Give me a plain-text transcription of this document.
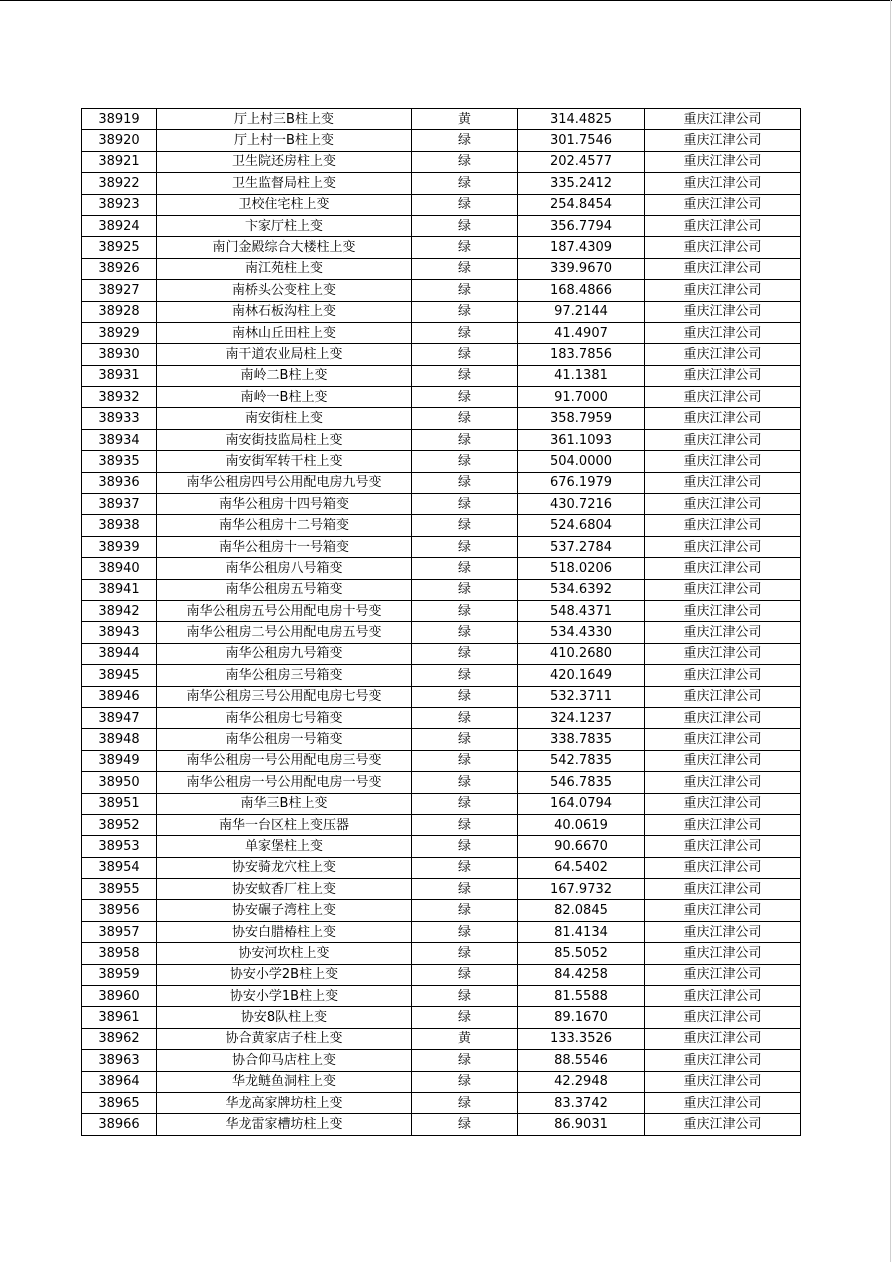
38919	厅上村三B柱上变	黄	314.4825	重庆江津公司
38920	厅上村一B柱上变	绿	301.7546	重庆江津公司
38921	卫生院还房柱上变	绿	202.4577	重庆江津公司
38922	卫生监督局柱上变	绿	335.2412	重庆江津公司
38923	卫校住宅柱上变	绿	254.8454	重庆江津公司
38924	卞家厅柱上变	绿	356.7794	重庆江津公司
38925	南门金殿综合大楼柱上变	绿	187.4309	重庆江津公司
38926	南江苑柱上变	绿	339.9670	重庆江津公司
38927	南桥头公变柱上变	绿	168.4866	重庆江津公司
38928	南林石板沟柱上变	绿	97.2144	重庆江津公司
38929	南林山丘田柱上变	绿	41.4907	重庆江津公司
38930	南干道农业局柱上变	绿	183.7856	重庆江津公司
38931	南岭二B柱上变	绿	41.1381	重庆江津公司
38932	南岭一B柱上变	绿	91.7000	重庆江津公司
38933	南安街柱上变	绿	358.7959	重庆江津公司
38934	南安街技监局柱上变	绿	361.1093	重庆江津公司
38935	南安街军转干柱上变	绿	504.0000	重庆江津公司
38936	南华公租房四号公用配电房九号变	绿	676.1979	重庆江津公司
38937	南华公租房十四号箱变	绿	430.7216	重庆江津公司
38938	南华公租房十二号箱变	绿	524.6804	重庆江津公司
38939	南华公租房十一号箱变	绿	537.2784	重庆江津公司
38940	南华公租房八号箱变	绿	518.0206	重庆江津公司
38941	南华公租房五号箱变	绿	534.6392	重庆江津公司
38942	南华公租房五号公用配电房十号变	绿	548.4371	重庆江津公司
38943	南华公租房二号公用配电房五号变	绿	534.4330	重庆江津公司
38944	南华公租房九号箱变	绿	410.2680	重庆江津公司
38945	南华公租房三号箱变	绿	420.1649	重庆江津公司
38946	南华公租房三号公用配电房七号变	绿	532.3711	重庆江津公司
38947	南华公租房七号箱变	绿	324.1237	重庆江津公司
38948	南华公租房一号箱变	绿	338.7835	重庆江津公司
38949	南华公租房一号公用配电房三号变	绿	542.7835	重庆江津公司
38950	南华公租房一号公用配电房一号变	绿	546.7835	重庆江津公司
38951	南华三B柱上变	绿	164.0794	重庆江津公司
38952	南华一台区柱上变压器	绿	40.0619	重庆江津公司
38953	单家堡柱上变	绿	90.6670	重庆江津公司
38954	协安骑龙穴柱上变	绿	64.5402	重庆江津公司
38955	协安蚊香厂柱上变	绿	167.9732	重庆江津公司
38956	协安碾子湾柱上变	绿	82.0845	重庆江津公司
38957	协安白腊椿柱上变	绿	81.4134	重庆江津公司
38958	协安河坎柱上变	绿	85.5052	重庆江津公司
38959	协安小学2B柱上变	绿	84.4258	重庆江津公司
38960	协安小学1B柱上变	绿	81.5588	重庆江津公司
38961	协安8队柱上变	绿	89.1670	重庆江津公司
38962	协合黄家店子柱上变	黄	133.3526	重庆江津公司
38963	协合仰马店柱上变	绿	88.5546	重庆江津公司
38964	华龙鲢鱼洞柱上变	绿	42.2948	重庆江津公司
38965	华龙高家牌坊柱上变	绿	83.3742	重庆江津公司
38966	华龙雷家槽坊柱上变	绿	86.9031	重庆江津公司
